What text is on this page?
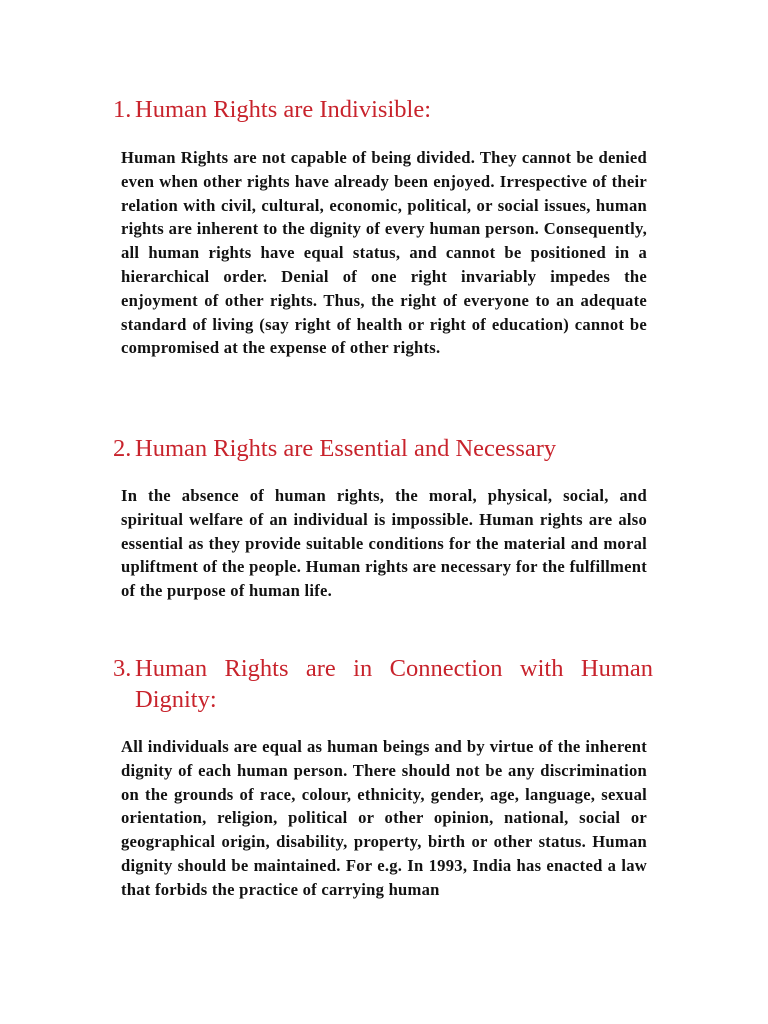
1. Human Rights are Indivisible:

Human Rights are not capable of being divided. They cannot be denied even when other rights have already been enjoyed. Irrespective of their relation with civil, cultural, economic, political, or social issues, human rights are inherent to the dignity of every human person. Consequently, all human rights have equal status, and cannot be positioned in a hierarchical order. Denial of one right invariably impedes the enjoyment of other rights. Thus, the right of everyone to an adequate standard of living (say right of health or right of education) cannot be compromised at the expense of other rights.

2. Human Rights are Essential and Necessary

In the absence of human rights, the moral, physical, social, and spiritual welfare of an individual is impossible. Human rights are also essential as they provide suitable conditions for the material and moral upliftment of the people. Human rights are necessary for the fulfillment of the purpose of human life.

3. Human Rights are in Connection with Human Dignity:

All individuals are equal as human beings and by virtue of the inherent dignity of each human person. There should not be any discrimination on the grounds of race, colour, ethnicity, gender, age, language, sexual orientation, religion, political or other opinion, national, social or geographical origin, disability, property, birth or other status. Human dignity should be maintained. For e.g. In 1993, India has enacted a law that forbids the practice of carrying human
